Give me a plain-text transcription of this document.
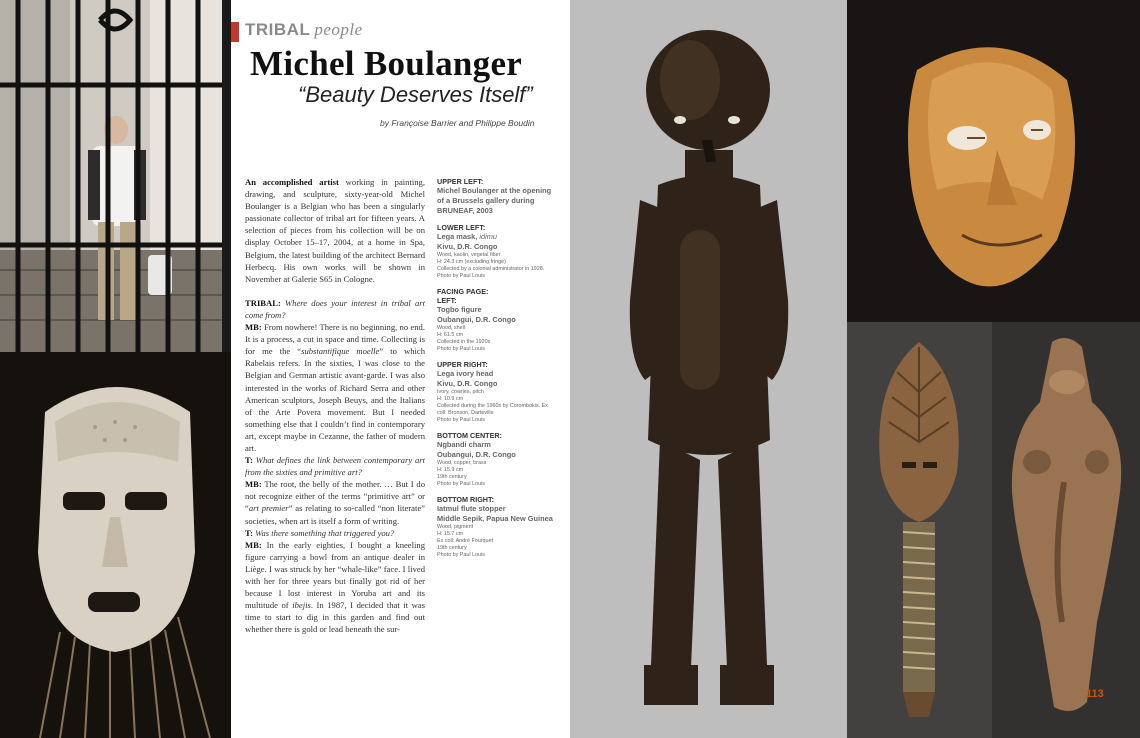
TRIBAL people
Michel Boulanger
“Beauty Deserves Itself”
by Françoise Barrier and Philippe Boudin

An accomplished artist working in painting, drawing, and sculpture, sixty-year-old Michel Boulanger is a Belgian who has been a singularly passionate collector of tribal art for fifteen years. A selection of pieces from his collection will be on display October 15–17, 2004, at a home in Spa, Belgium, the latest building of the architect Bernard Herbecq. His own works will be shown in November at Galerie S65 in Cologne.

TRIBAL: Where does your interest in tribal art come from?

MB: From nowhere! There is no beginning, no end. It is a process, a cut in space and time. Collecting is for me the “substantifique moelle” to which Rabelais refers. In the sixties, I was close to the Belgian and German artistic avant-garde. I was also interested in the works of Richard Serra and other American sculptors, Joseph Beuys, and the Italians of the Arte Povera movement. But I needed something else that I couldn’t find in contemporary art, except maybe in Cezanne, the father of modern art.

T: What defines the link between contemporary art from the sixties and primitive art?

MB: The root, the belly of the mother. … But I do not recognize either of the terms “primitive art” or “art premier” as relating to so-called “non literate” societies, when art is itself a form of writing.

T: Was there something that triggered you?

MB: In the early eighties, I bought a kneeling figure carrying a bowl from an antique dealer in Liège. I was struck by her “whale-like” face. I lived with her for three years but finally got rid of her because I lost interest in Yoruba art and its multitude of ibejis. In 1987, I decided that it was time to start to dig in this garden and find out whether there is gold or lead beneath the sur-

UPPER LEFT:
Michel Boulanger at the opening of a Brussels gallery during BRUNEAF, 2003
LOWER LEFT:
Lega mask, idimu
Kivu, D.R. Congo
Wood, kaolin, vegetal fiber
H: 24.3 cm (excluding fringe)
Collected by a colonial administrator in 1928.
Photo by Paul Louis
FACING PAGE:
LEFT:
Togbo figure
Oubangui, D.R. Congo
Wood, shell
H: 61.5 cm
Collected in the 1920s
Photo by Paul Louis
UPPER RIGHT:
Lega ivory head
Kivu, D.R. Congo
Ivory, cowries, pitch
H: 10.9 cm
Collected during the 1960s by Corombokis. Ex coll: Bronson, Darteville
Photo by Paul Louis
BOTTOM CENTER:
Ngbandi charm
Oubangui, D.R. Congo
Wood, copper, brass
H: 15.9 cm
19th century
Photo by Paul Louis
BOTTOM RIGHT:
Iatmul flute stopper
Middle Sepik, Papua New Guinea
Wood, pigment
H: 15.7 cm
Ex coll: André Fourquet
19th century
Photo by Paul Louis
113
